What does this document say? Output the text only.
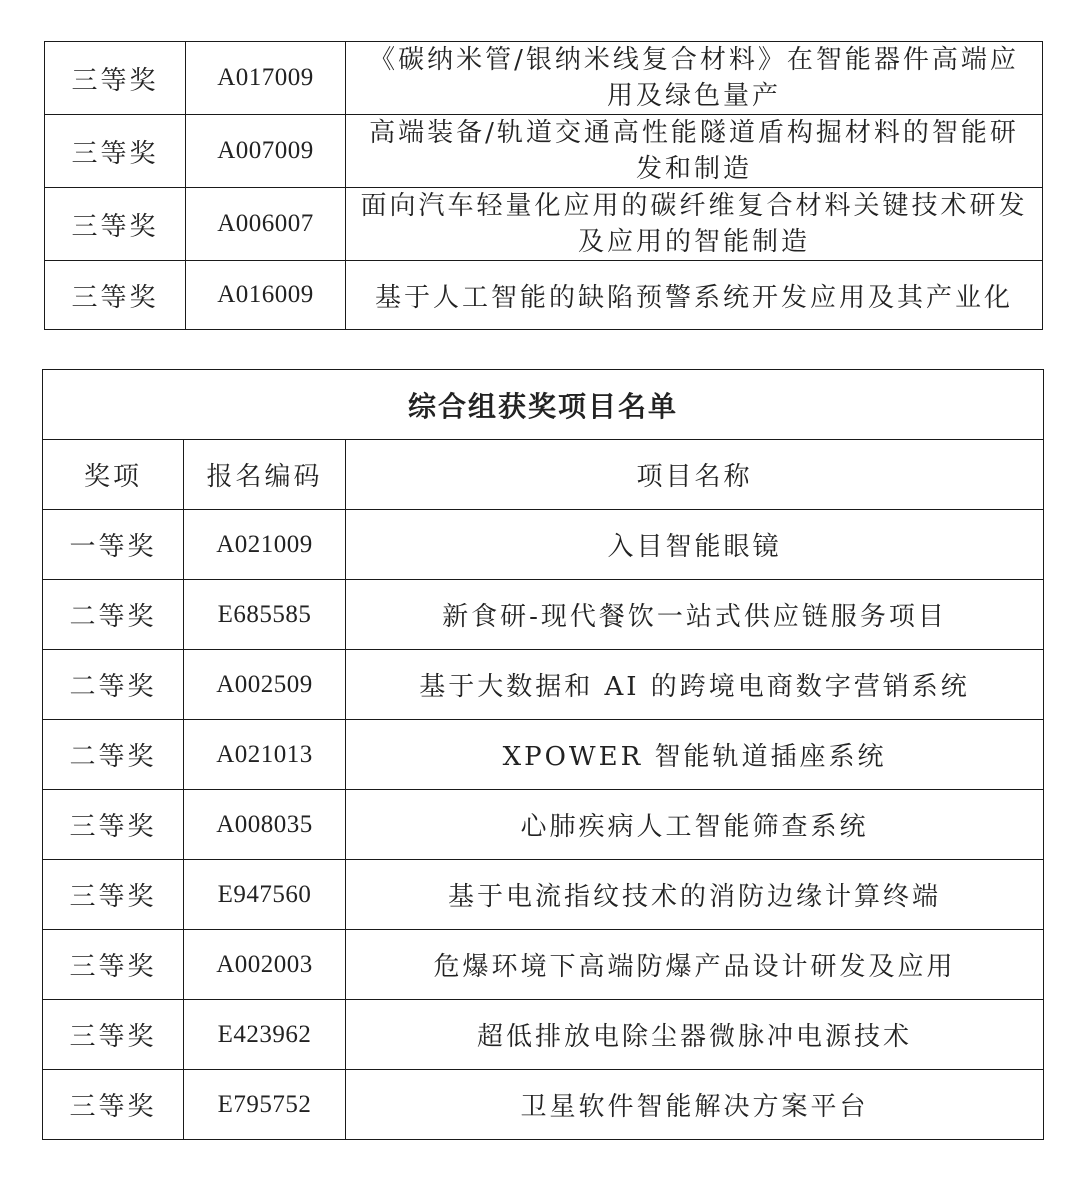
三等奖	A017009	《碳纳米管/银纳米线复合材料》在智能器件高端应用及绿色量产
三等奖	A007009	高端装备/轨道交通高性能隧道盾构掘材料的智能研发和制造
三等奖	A006007	面向汽车轻量化应用的碳纤维复合材料关键技术研发及应用的智能制造
三等奖	A016009	基于人工智能的缺陷预警系统开发应用及其产业化
综合组获奖项目名单		
奖项	报名编码	项目名称
一等奖	A021009	入目智能眼镜
二等奖	E685585	新食研-现代餐饮一站式供应链服务项目
二等奖	A002509	基于大数据和 AI 的跨境电商数字营销系统
二等奖	A021013	XPOWER 智能轨道插座系统
三等奖	A008035	心肺疾病人工智能筛查系统
三等奖	E947560	基于电流指纹技术的消防边缘计算终端
三等奖	A002003	危爆环境下高端防爆产品设计研发及应用
三等奖	E423962	超低排放电除尘器微脉冲电源技术
三等奖	E795752	卫星软件智能解决方案平台
